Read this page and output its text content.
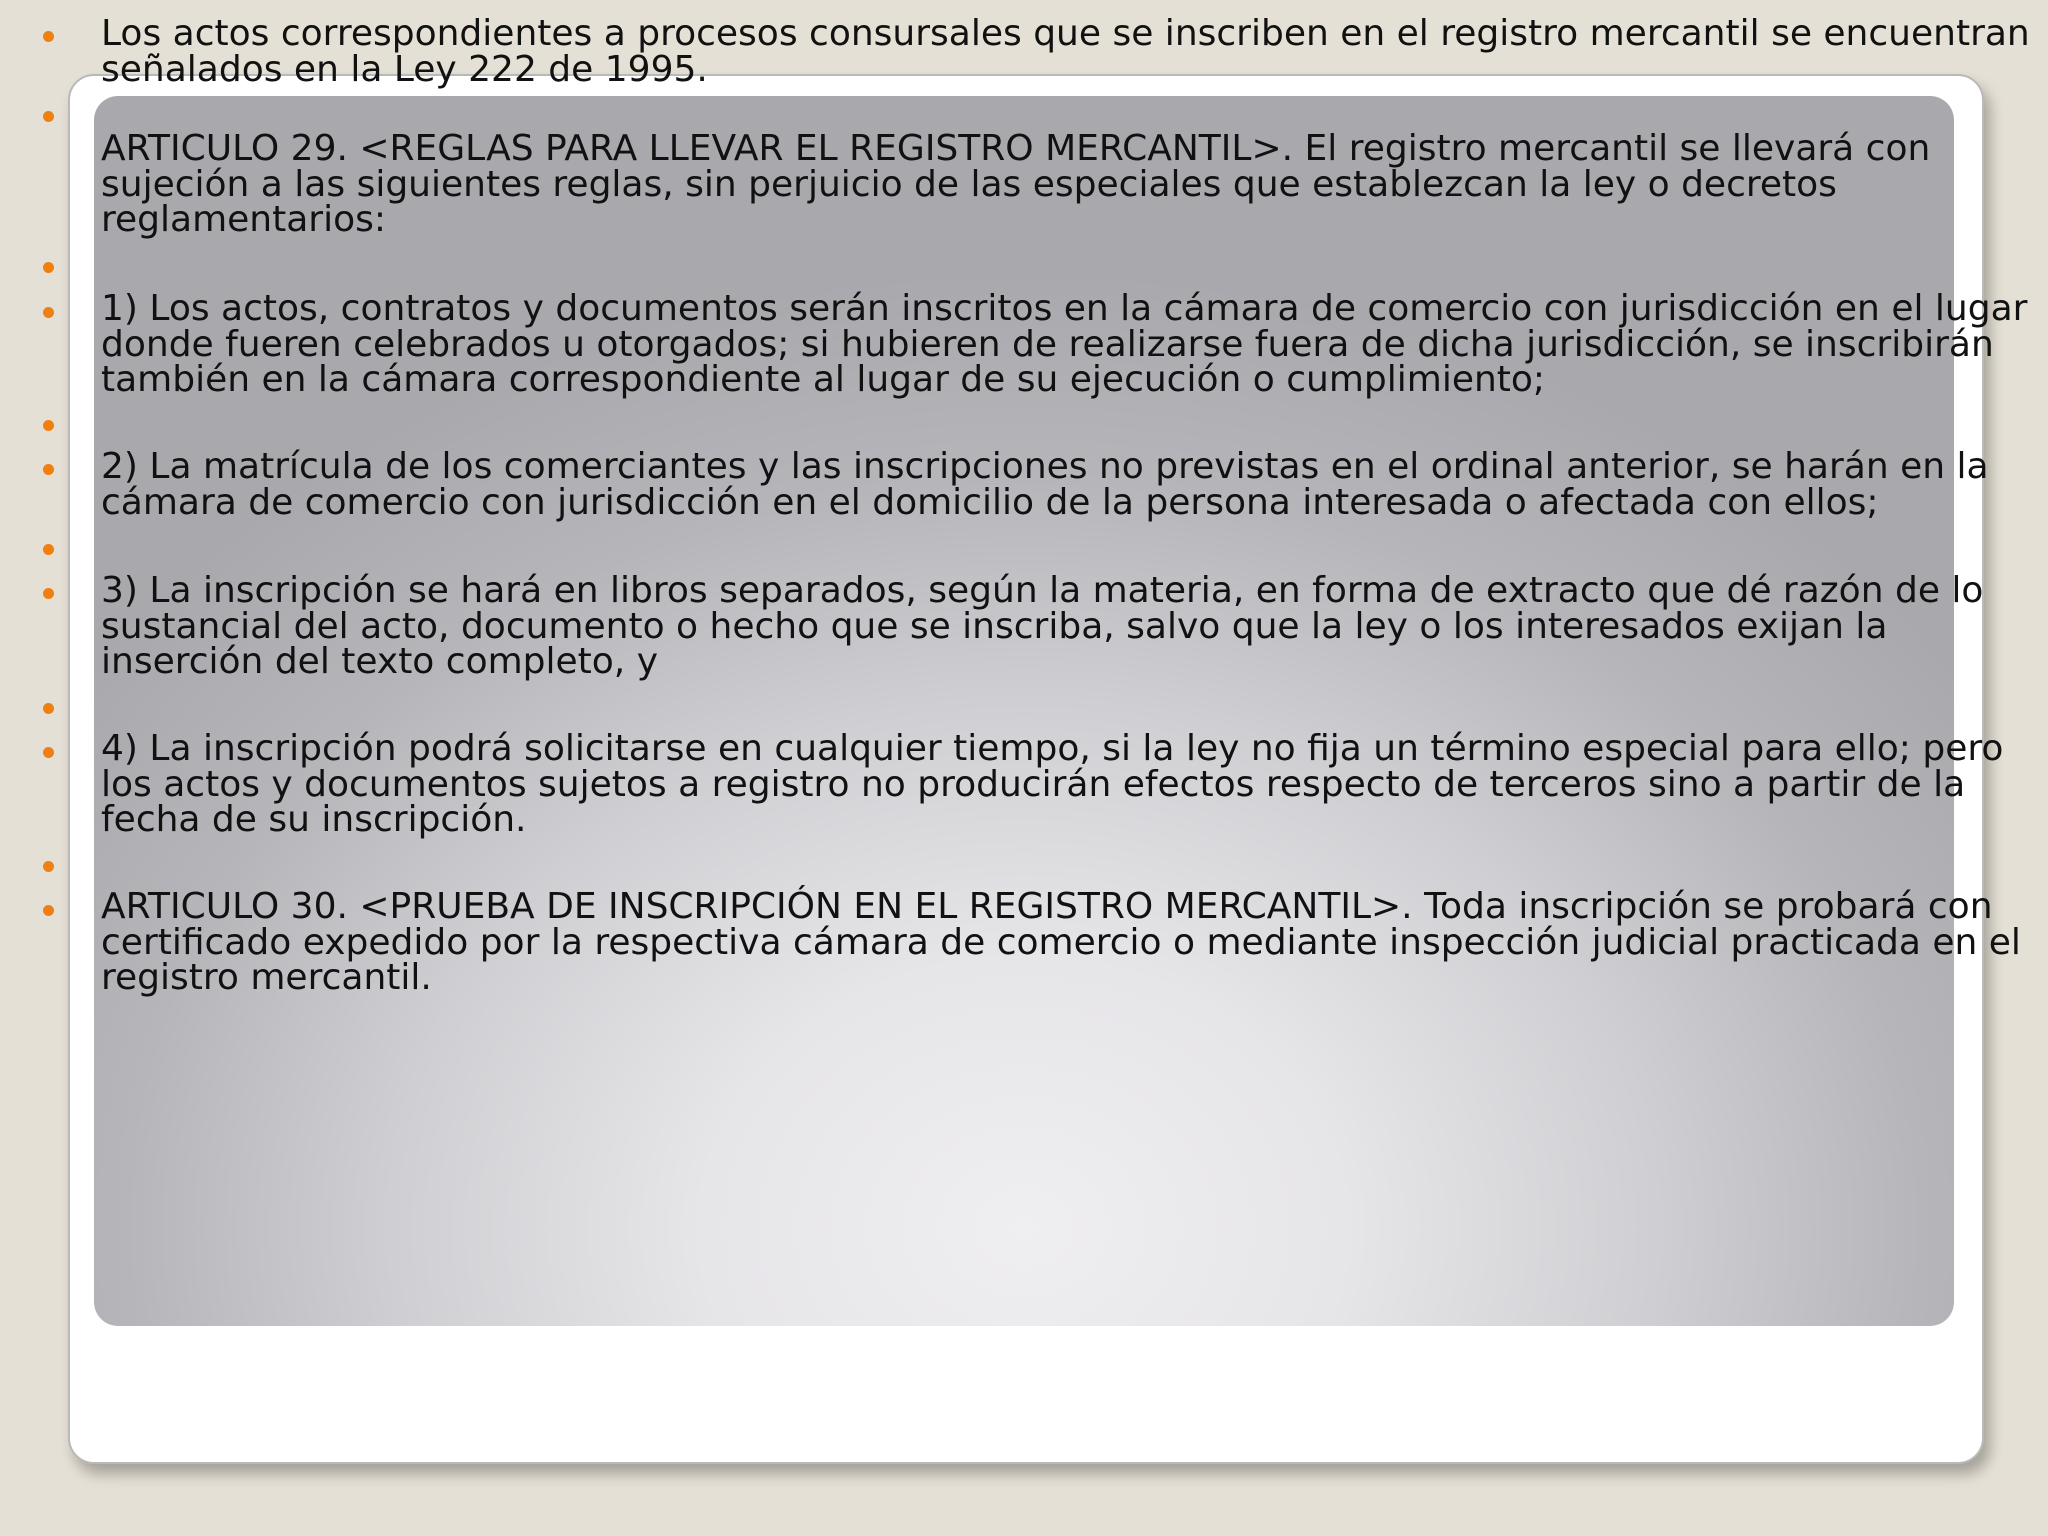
Los actos correspondientes a procesos consursales que se inscriben en el registro mercantil se encuentran señalados en la Ley 222 de 1995.
ARTICULO 29. <REGLAS PARA LLEVAR EL REGISTRO MERCANTIL>. El registro mercantil se llevará con sujeción a las siguientes reglas, sin perjuicio de las especiales que establezcan la ley o decretos reglamentarios:
1) Los actos, contratos y documentos serán inscritos en la cámara de comercio con jurisdicción en el lugar donde fueren celebrados u otorgados; si hubieren de realizarse fuera de dicha jurisdicción, se inscribirán también en la cámara correspondiente al lugar de su ejecución o cumplimiento;
2) La matrícula de los comerciantes y las inscripciones no previstas en el ordinal anterior, se harán en la cámara de comercio con jurisdicción en el domicilio de la persona interesada o afectada con ellos;
3) La inscripción se hará en libros separados, según la materia, en forma de extracto que dé razón de lo sustancial del acto, documento o hecho que se inscriba, salvo que la ley o los interesados exijan la inserción del texto completo, y
4) La inscripción podrá solicitarse en cualquier tiempo, si la ley no fija un término especial para ello; pero los actos y documentos sujetos a registro no producirán efectos respecto de terceros sino a partir de la fecha de su inscripción.
ARTICULO 30. <PRUEBA DE INSCRIPCIÓN EN EL REGISTRO MERCANTIL>. Toda inscripción se probará con certificado expedido por la respectiva cámara de comercio o mediante inspección judicial practicada en el registro mercantil.
